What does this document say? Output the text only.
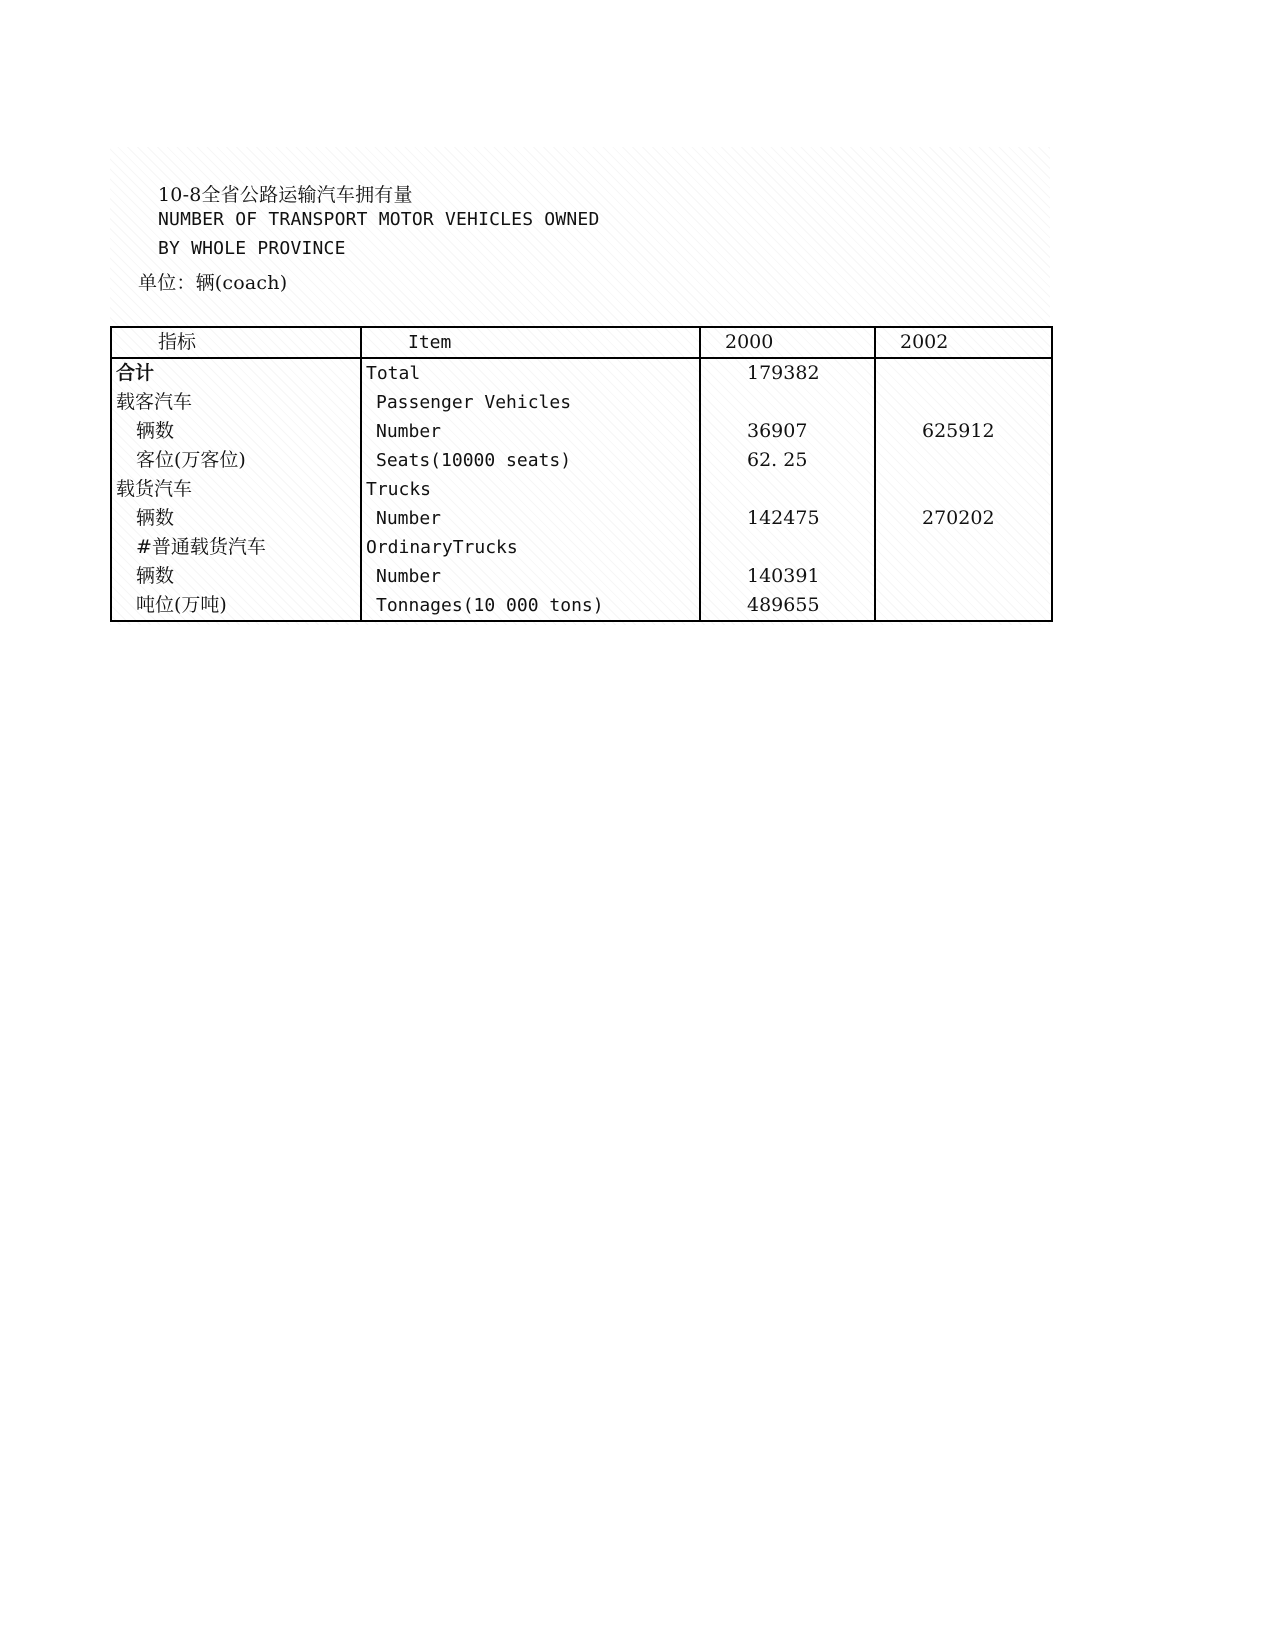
10-8全省公路运输汽车拥有量
NUMBER OF TRANSPORT MOTOR VEHICLES OWNED
BY WHOLE PROVINCE
单位：辆(coach)
指标	Item	2000	2002
合计	Total	179382	
载客汽车	Passenger Vehicles		
辆数	Number	36907	625912
客位(万客位)	Seats(10000 seats)	62. 25	
载货汽车	Trucks		
辆数	Number	142475	270202
#普通载货汽车	OrdinaryTrucks		
辆数	Number	140391	
吨位(万吨)	Tonnages(10 000 tons)	489655	
